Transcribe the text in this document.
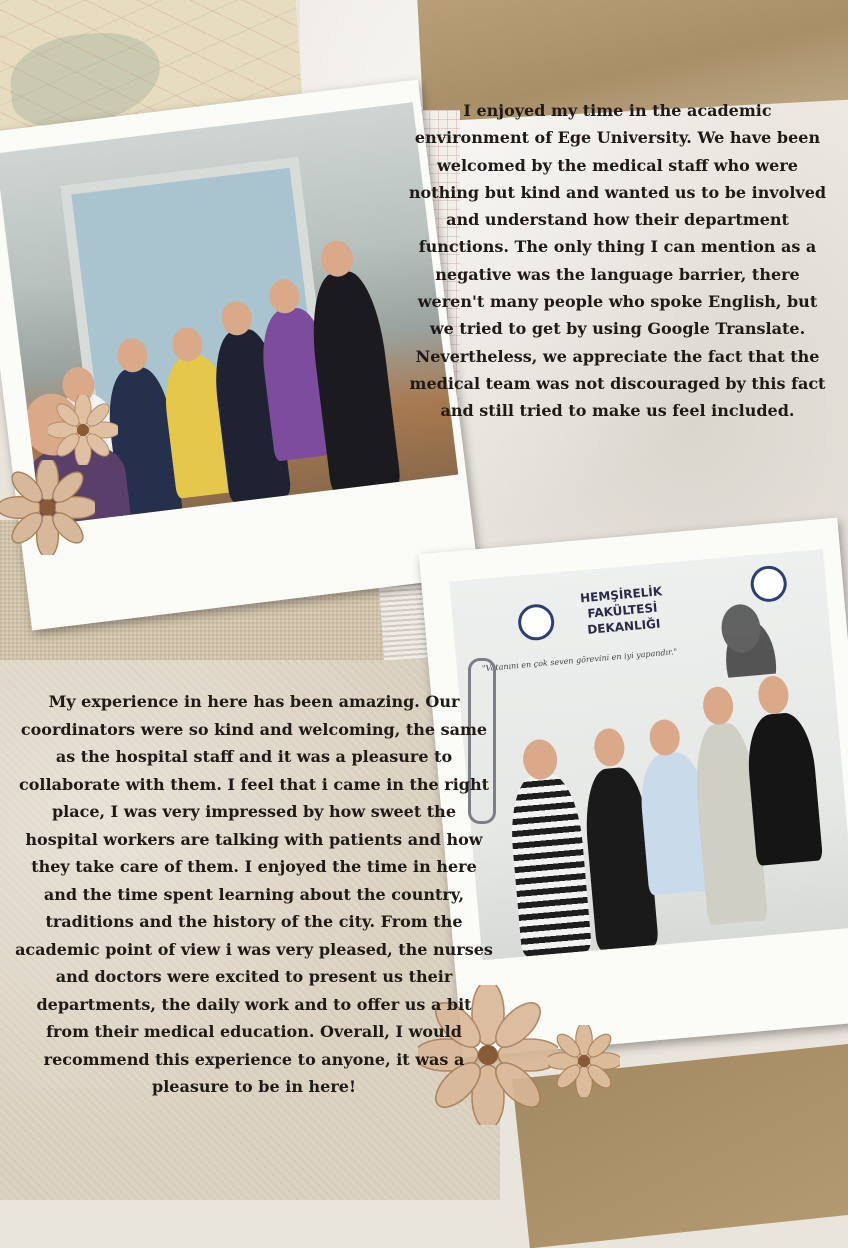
HEMŞİRELİK FAKÜLTESİ
DEKANLIĞI
"Vatanını en çok seven görevini en iyi yapandır."

I enjoyed my time in the academic environment of Ege University. We have been welcomed by the medical staff who were nothing but kind and wanted us to be involved and understand how their department functions. The only thing I can mention as a negative was the language barrier, there weren't many people who spoke English, but we tried to get by using Google Translate. Nevertheless, we appreciate the fact that the medical team was not discouraged by this fact and still tried to make us feel included.

My experience in here has been amazing. Our coordinators were so kind and welcoming, the same as the hospital staff and it was a pleasure to collaborate with them. I feel that i came in the right place, I was very impressed by how sweet the hospital workers are talking with patients and how they take care of them. I enjoyed the time in here and the time spent learning about the country, traditions and the history of the city. From the academic point of view i was very pleased, the nurses and doctors were excited to present us their departments, the daily work and to offer us a bit from their medical education. Overall, I would recommend this experience to anyone, it was a pleasure to be in here!
